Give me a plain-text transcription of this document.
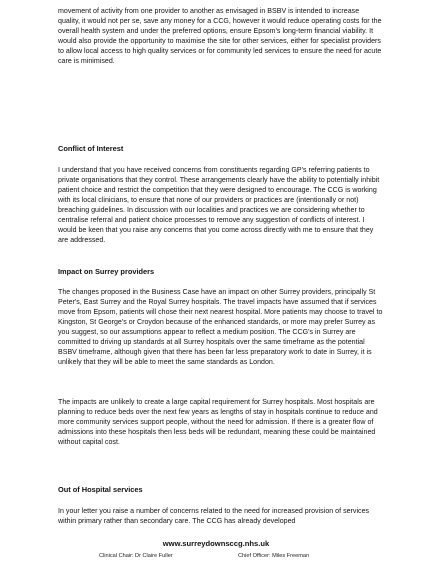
movement of activity from one provider to another as envisaged in BSBV is intended to increase quality, it would not per se, save any money for a CCG, however it would reduce operating costs for the overall health system and under the preferred options, ensure Epsom's long-term financial viability. It would also provide the opportunity to maximise the site for other services, either for specialist providers to allow local access to high quality services or for community led services to ensure the need for acute care is minimised.

Conflict of Interest

I understand that you have received concerns from constituents regarding GP's referring patients to private organisations that they control. These arrangements clearly have the ability to potentially inhibit patient choice and restrict the competition that they were designed to encourage. The CCG is working with its local clinicians, to ensure that none of our providers or practices are (intentionally or not) breaching guidelines. In discussion with our localities and practices we are considering whether to centralise referral and patient choice processes to remove any suggestion of conflicts of interest. I would be keen that you raise any concerns that you come across directly with me to ensure that they are addressed.

Impact on Surrey providers

The changes proposed in the Business Case have an impact on other Surrey providers, principally St Peter's, East Surrey and the Royal Surrey hospitals. The travel impacts have assumed that if services move from Epsom, patients will chose their next nearest hospital. More patients may choose to travel to Kingston, St George's or Croydon because of the enhanced standards, or more may prefer Surrey as you suggest, so our assumptions appear to reflect a medium position. The CCG's in Surrey are committed to driving up standards at all Surrey hospitals over the same timeframe as the potential BSBV timeframe, although given that there has been far less preparatory work to date in Surrey, it is unlikely that they will be able to meet the same standards as London.

The impacts are unlikely to create a large capital requirement for Surrey hospitals. Most hospitals are planning to reduce beds over the next few years as lengths of stay in hospitals continue to reduce and more community services support people, without the need for admission. If there is a greater flow of admissions into these hospitals then less beds will be redundant, meaning these could be maintained without capital cost.

Out of Hospital services

In your letter you raise a number of concerns related to the need for increased provision of services within primary rather than secondary care. The CCG has already developed

www.surreydownsccg.nhs.uk
Clinical Chair: Dr Claire Fuller	Chief Officer: Miles Freeman
